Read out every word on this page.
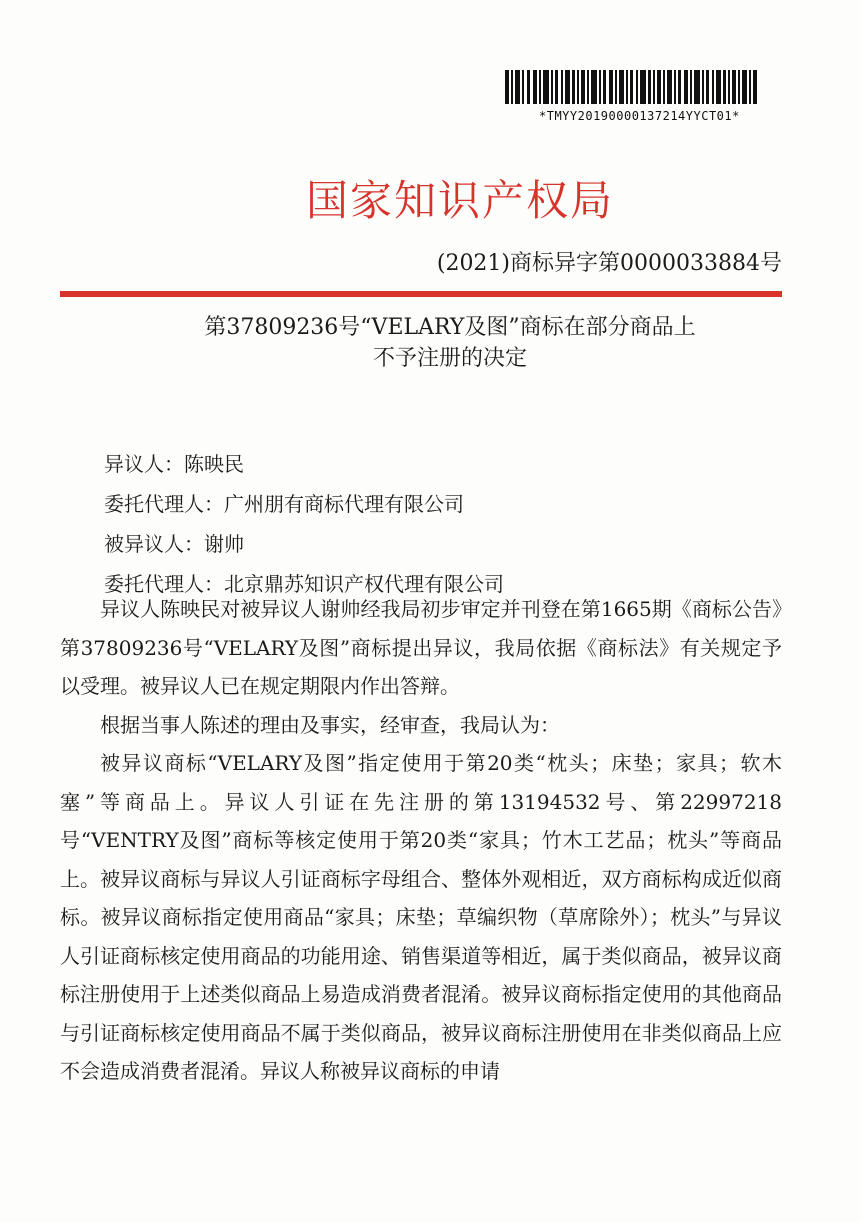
*TMYY20190000137214YYCT01*
国家知识产权局
(2021)商标异字第0000033884号
第37809236号“VELARY及图”商标在部分商品上
不予注册的决定
异议人：陈映民
委托代理人：广州朋有商标代理有限公司
被异议人：谢帅
委托代理人：北京鼎苏知识产权代理有限公司

异议人陈映民对被异议人谢帅经我局初步审定并刊登在第1665期《商标公告》第37809236号“VELARY及图”商标提出异议，我局依据《商标法》有关规定予以受理。被异议人已在规定期限内作出答辩。

根据当事人陈述的理由及事实，经审查，我局认为：

被异议商标“VELARY及图”指定使用于第20类“枕头；床垫；家具；软木塞”等商品上。异议人引证在先注册的第13194532号、第22997218号“VENTRY及图”商标等核定使用于第20类“家具；竹木工艺品；枕头”等商品上。被异议商标与异议人引证商标字母组合、整体外观相近，双方商标构成近似商标。被异议商标指定使用商品“家具；床垫；草编织物（草席除外）；枕头”与异议人引证商标核定使用商品的功能用途、销售渠道等相近，属于类似商品，被异议商标注册使用于上述类似商品上易造成消费者混淆。被异议商标指定使用的其他商品与引证商标核定使用商品不属于类似商品，被异议商标注册使用在非类似商品上应不会造成消费者混淆。异议人称被异议商标的申请
